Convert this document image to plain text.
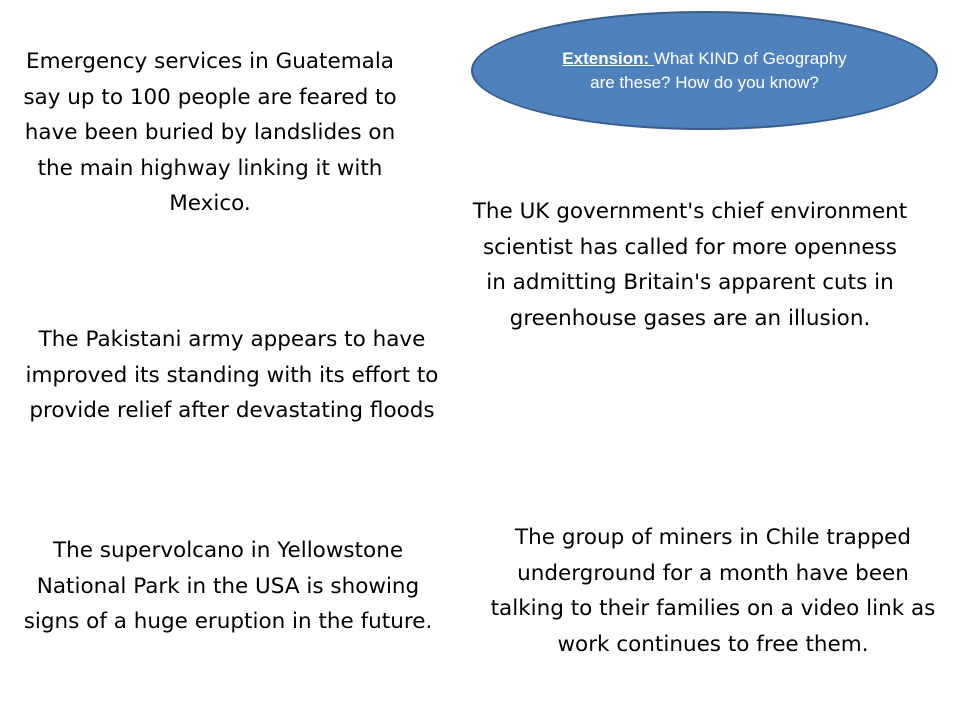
Emergency services in Guatemala say up to 100 people are feared to have been buried by landslides on the main highway linking it with Mexico.

Extension: What KIND of Geography are these? How do you know?

The UK government's chief environment scientist has called for more openness in admitting Britain's apparent cuts in greenhouse gases are an illusion.

The Pakistani army appears to have improved its standing with its effort to provide relief after devastating floods

The supervolcano in Yellowstone National Park in the USA is showing signs of a huge eruption in the future.

The group of miners in Chile trapped underground for a month have been talking to their families on a video link as work continues to free them.
